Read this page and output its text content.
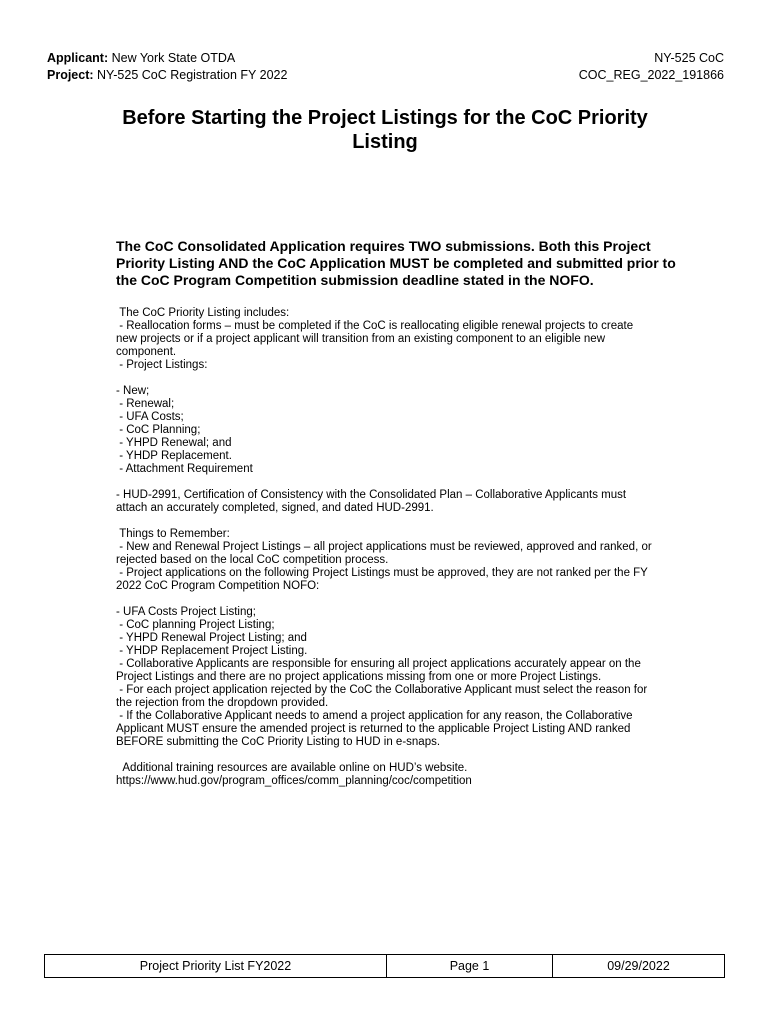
Applicant: New York State OTDA
Project: NY-525 CoC Registration FY 2022
NY-525 CoC
COC_REG_2022_191866
Before Starting the Project Listings for the CoC Priority Listing

The CoC Consolidated Application requires TWO submissions. Both this Project Priority Listing AND the CoC Application MUST be completed and submitted prior to the CoC Program Competition submission deadline stated in the NOFO.

The CoC Priority Listing includes:

- Reallocation forms – must be completed if the CoC is reallocating eligible renewal projects to create new projects or if a project applicant will transition from an existing component to an eligible new component.

- Project Listings:

- New;

- Renewal;

- UFA Costs;

- CoC Planning;

- YHPD Renewal; and

- YHDP Replacement.

- Attachment Requirement

- HUD-2991, Certification of Consistency with the Consolidated Plan – Collaborative Applicants must attach an accurately completed, signed, and dated HUD-2991.

Things to Remember:

- New and Renewal Project Listings – all project applications must be reviewed, approved and ranked, or rejected based on the local CoC competition process.

- Project applications on the following Project Listings must be approved, they are not ranked per the FY 2022 CoC Program Competition NOFO:

- UFA Costs Project Listing;

- CoC planning Project Listing;

- YHPD Renewal Project Listing; and

- YHDP Replacement Project Listing.

- Collaborative Applicants are responsible for ensuring all project applications accurately appear on the Project Listings and there are no project applications missing from one or more Project Listings.

- For each project application rejected by the CoC the Collaborative Applicant must select the reason for the rejection from the dropdown provided.

- If the Collaborative Applicant needs to amend a project application for any reason, the Collaborative Applicant MUST ensure the amended project is returned to the applicable Project Listing AND ranked BEFORE submitting the CoC Priority Listing to HUD in e-snaps.

Additional training resources are available online on HUD’s website.

https://www.hud.gov/program_offices/comm_planning/coc/competition

Project Priority List FY2022	Page 1	09/29/2022
